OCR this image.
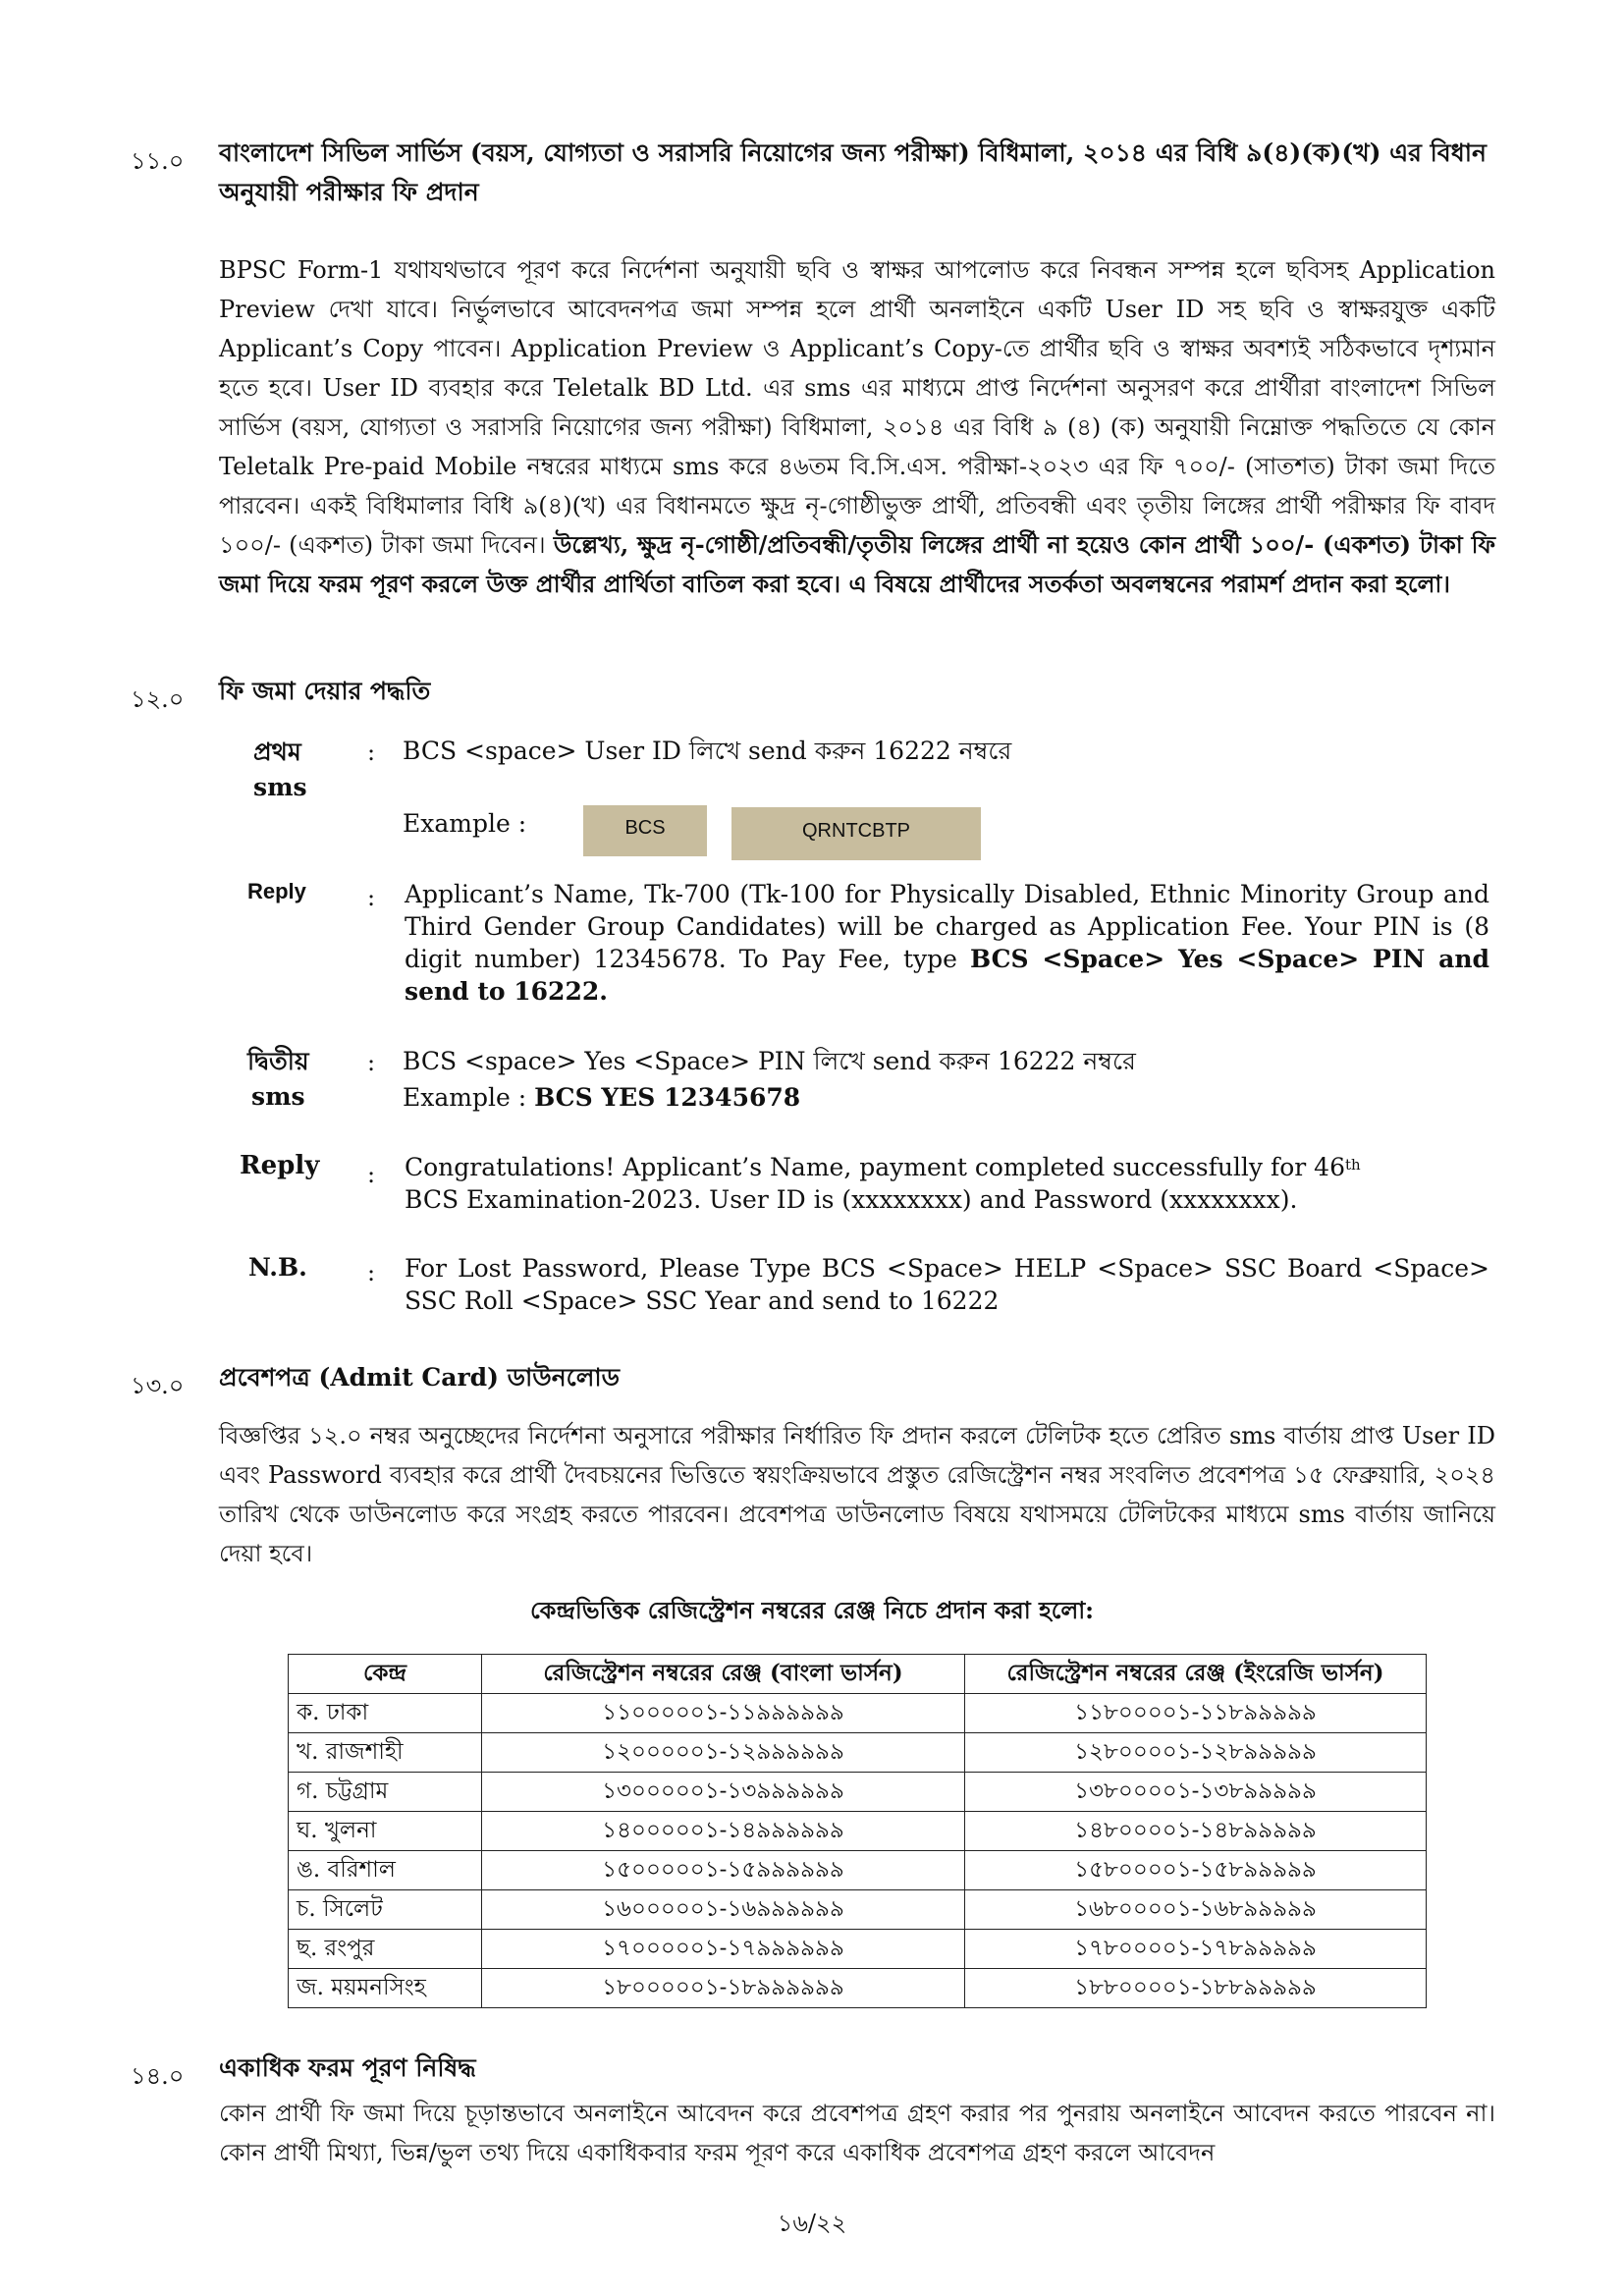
১১.০ বাংলাদেশ সিভিল সার্ভিস (বয়স, যোগ্যতা ও সরাসরি নিয়োগের জন্য পরীক্ষা) বিধিমালা, ২০১৪ এর বিধি ৯(৪)(ক)(খ) এর বিধান
অনুযায়ী পরীক্ষার ফি প্রদান
BPSC Form-1 যথাযথভাবে পূরণ করে নির্দেশনা অনুযায়ী ছবি ও স্বাক্ষর আপলোড করে নিবন্ধন সম্পন্ন হলে ছবিসহ Application Preview দেখা যাবে। নির্ভুলভাবে আবেদনপত্র জমা সম্পন্ন হলে প্রার্থী অনলাইনে একটি User ID সহ ছবি ও স্বাক্ষরযুক্ত একটি Applicant’s Copy পাবেন। Application Preview ও Applicant’s Copy-তে প্রার্থীর ছবি ও স্বাক্ষর অবশ্যই সঠিকভাবে দৃশ্যমান হতে হবে। User ID ব্যবহার করে Teletalk BD Ltd. এর sms এর মাধ্যমে প্রাপ্ত নির্দেশনা অনুসরণ করে প্রার্থীরা বাংলাদেশ সিভিল সার্ভিস (বয়স, যোগ্যতা ও সরাসরি নিয়োগের জন্য পরীক্ষা) বিধিমালা, ২০১৪ এর বিধি ৯ (৪) (ক) অনুযায়ী নিম্নোক্ত পদ্ধতিতে যে কোন Teletalk Pre-paid Mobile নম্বরের মাধ্যমে sms করে ৪৬তম বি.সি.এস. পরীক্ষা-২০২৩ এর ফি ৭০০/- (সাতশত) টাকা জমা দিতে পারবেন। একই বিধিমালার বিধি ৯(৪)(খ) এর বিধানমতে ক্ষুদ্র নৃ-গোষ্ঠীভুক্ত প্রার্থী, প্রতিবন্ধী এবং তৃতীয় লিঙ্গের প্রার্থী পরীক্ষার ফি বাবদ ১০০/- (একশত) টাকা জমা দিবেন। উল্লেখ্য, ক্ষুদ্র নৃ-গোষ্ঠী/প্রতিবন্ধী/তৃতীয় লিঙ্গের প্রার্থী না হয়েও কোন প্রার্থী ১০০/- (একশত) টাকা ফি জমা দিয়ে ফরম পূরণ করলে উক্ত প্রার্থীর প্রার্থিতা বাতিল করা হবে। এ বিষয়ে প্রার্থীদের সতর্কতা অবলম্বনের পরামর্শ প্রদান করা হলো।
১২.০ ফি জমা দেয়ার পদ্ধতি
প্রথম
sms
: BCS <space> User ID লিখে send করুন 16222 নম্বরে
Example :	BCS	QRNTCBTP
Reply	: Applicant’s Name, Tk-700 (Tk-100 for Physically Disabled, Ethnic Minority Group and Third Gender Group Candidates) will be charged as Application Fee. Your PIN is (8 digit number) 12345678. To Pay Fee, type BCS <Space> Yes <Space> PIN and send to 16222.
দ্বিতীয়
sms
: BCS <space> Yes <Space> PIN লিখে send করুন 16222 নম্বরে
Example : BCS YES 12345678
Reply : Congratulations! Applicant’s Name, payment completed successfully for 46th
BCS Examination-2023. User ID is (xxxxxxxx) and Password (xxxxxxxx).
N.B.	: For Lost Password, Please Type BCS <Space> HELP <Space> SSC Board <Space> SSC Roll <Space> SSC Year and send to 16222
১৩.০ প্রবেশপত্র (Admit Card) ডাউনলোড
বিজ্ঞপ্তির ১২.০ নম্বর অনুচ্ছেদের নির্দেশনা অনুসারে পরীক্ষার নির্ধারিত ফি প্রদান করলে টেলিটক হতে প্রেরিত sms বার্তায় প্রাপ্ত User ID এবং Password ব্যবহার করে প্রার্থী দৈবচয়নের ভিত্তিতে স্বয়ংক্রিয়ভাবে প্রস্তুত রেজিস্ট্রেশন নম্বর সংবলিত প্রবেশপত্র ১৫ ফেব্রুয়ারি, ২০২৪ তারিখ থেকে ডাউনলোড করে সংগ্রহ করতে পারবেন। প্রবেশপত্র ডাউনলোড বিষয়ে যথাসময়ে টেলিটকের মাধ্যমে sms বার্তায় জানিয়ে দেয়া হবে।
কেন্দ্রভিত্তিক রেজিস্ট্রেশন নম্বরের রেঞ্জ নিচে প্রদান করা হলো:
কেন্দ্র	রেজিস্ট্রেশন নম্বরের রেঞ্জ (বাংলা ভার্সন)	রেজিস্ট্রেশন নম্বরের রেঞ্জ (ইংরেজি ভার্সন)
ক. ঢাকা	১১০০০০০১-১১৯৯৯৯৯৯	১১৮০০০০১-১১৮৯৯৯৯৯
খ. রাজশাহী	১২০০০০০১-১২৯৯৯৯৯৯	১২৮০০০০১-১২৮৯৯৯৯৯
গ. চট্টগ্রাম	১৩০০০০০১-১৩৯৯৯৯৯৯	১৩৮০০০০১-১৩৮৯৯৯৯৯
ঘ. খুলনা	১৪০০০০০১-১৪৯৯৯৯৯৯	১৪৮০০০০১-১৪৮৯৯৯৯৯
ঙ. বরিশাল	১৫০০০০০১-১৫৯৯৯৯৯৯	১৫৮০০০০১-১৫৮৯৯৯৯৯
চ. সিলেট	১৬০০০০০১-১৬৯৯৯৯৯৯	১৬৮০০০০১-১৬৮৯৯৯৯৯
ছ. রংপুর	১৭০০০০০১-১৭৯৯৯৯৯৯	১৭৮০০০০১-১৭৮৯৯৯৯৯
জ. ময়মনসিংহ	১৮০০০০০১-১৮৯৯৯৯৯৯	১৮৮০০০০১-১৮৮৯৯৯৯৯
১৪.০ একাধিক ফরম পূরণ নিষিদ্ধ
কোন প্রার্থী ফি জমা দিয়ে চূড়ান্তভাবে অনলাইনে আবেদন করে প্রবেশপত্র গ্রহণ করার পর পুনরায় অনলাইনে আবেদন করতে পারবেন না। কোন প্রার্থী মিথ্যা, ভিন্ন/ভুল তথ্য দিয়ে একাধিকবার ফরম পূরণ করে একাধিক প্রবেশপত্র গ্রহণ করলে আবেদন
১৬/২২
